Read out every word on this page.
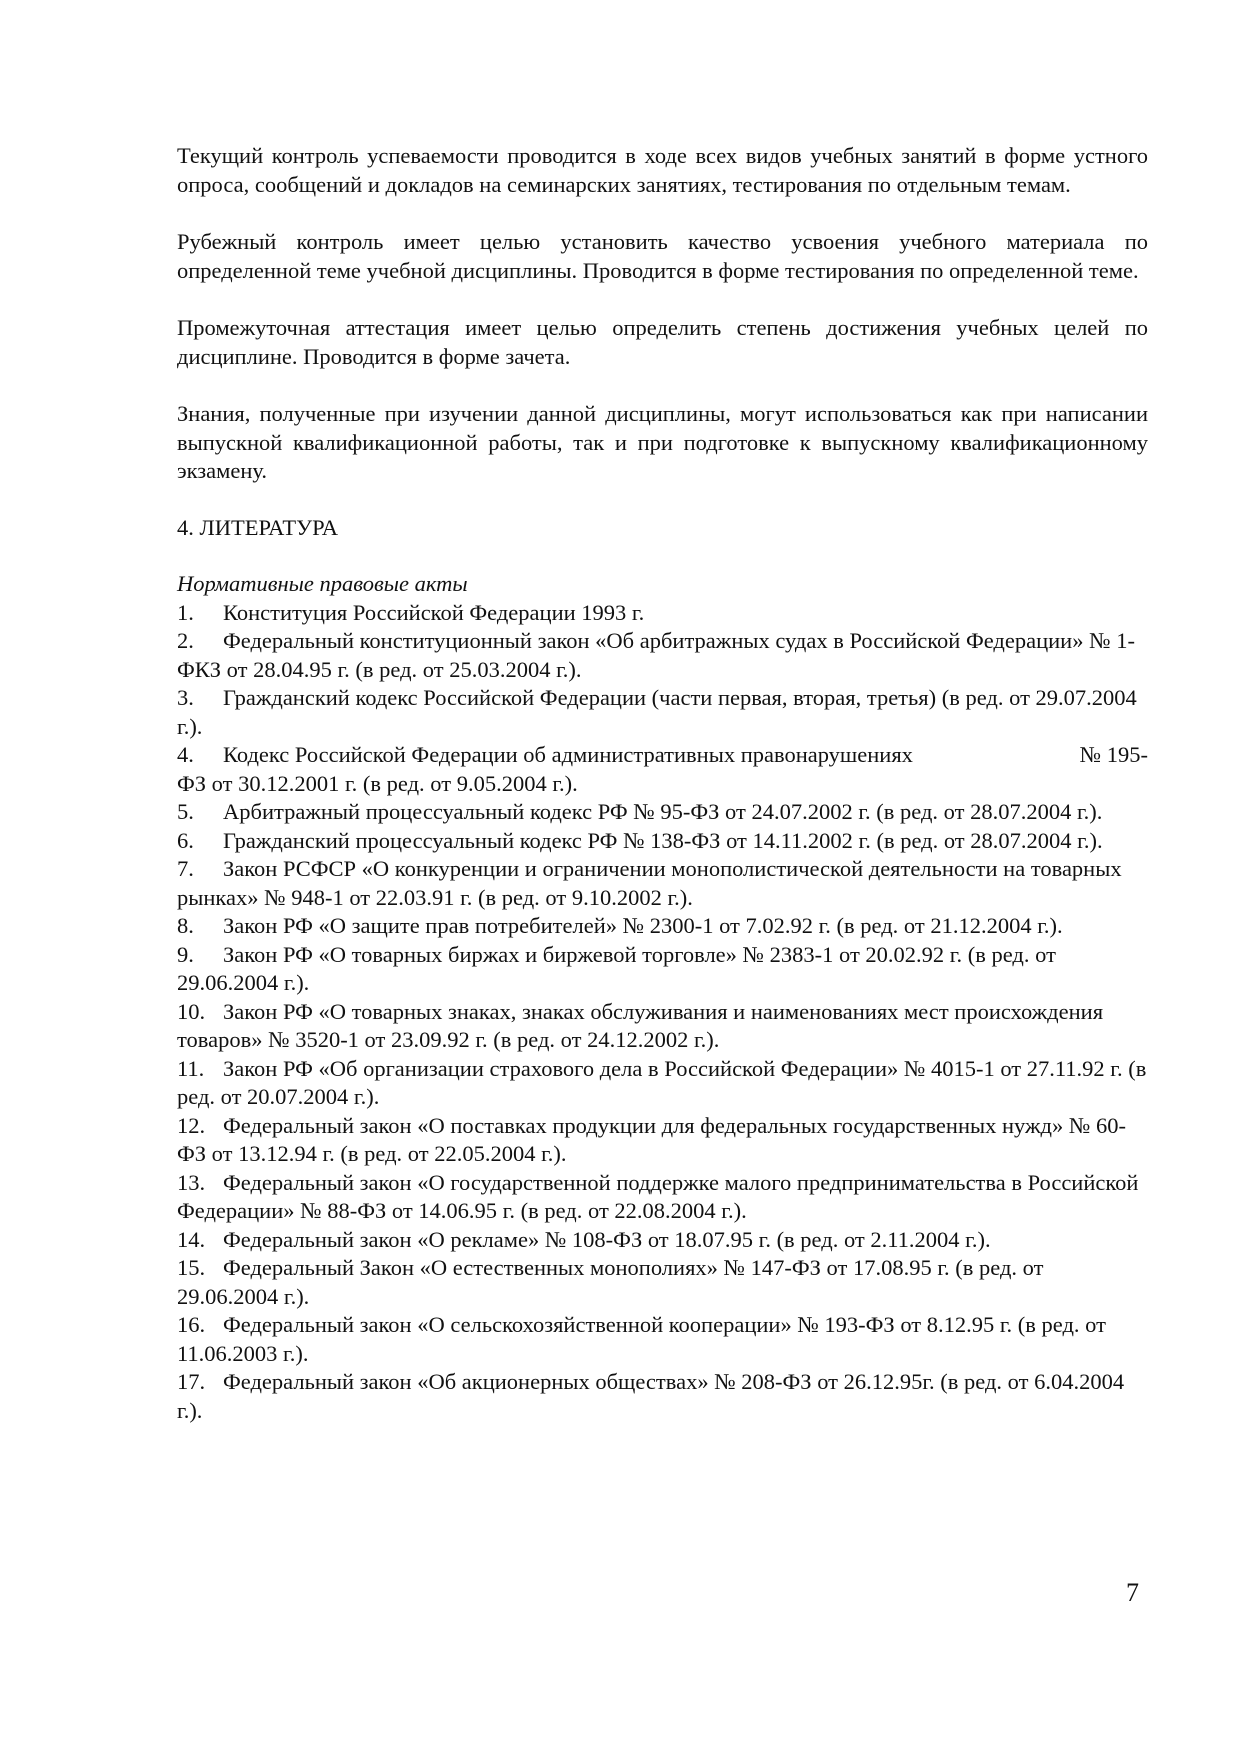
Текущий контроль успеваемости проводится в ходе всех видов учебных занятий в форме устного опроса, сообщений и докладов на семинарских занятиях, тестирования по отдельным темам.

Рубежный контроль имеет целью установить качество усвоения учебного материала по определенной теме учебной дисциплины. Проводится в форме тестирования по определенной теме.

Промежуточная аттестация имеет целью определить степень достижения учебных целей по дисциплине. Проводится в форме зачета.

Знания, полученные при изучении данной дисциплины, могут использоваться как при написании выпускной квалификационной работы, так и при подготовке к выпускному квалификационному экзамену.

4. ЛИТЕРАТУРА
Нормативные правовые акты
1. Конституция Российской Федерации 1993 г.
2. Федеральный конституционный закон «Об арбитражных судах в Российской Федерации» № 1-ФКЗ от 28.04.95 г. (в ред. от 25.03.2004 г.).
3. Гражданский кодекс Российской Федерации (части первая, вторая, третья) (в ред. от 29.07.2004 г.).
4. Кодекс Российской Федерации об административных правонарушениях	№ 195-

ФЗ от 30.12.2001 г. (в ред. от 9.05.2004 г.).
5. Арбитражный процессуальный кодекс РФ № 95-ФЗ от 24.07.2002 г. (в ред. от 28.07.2004 г.).
6. Гражданский процессуальный кодекс РФ № 138-ФЗ от 14.11.2002 г. (в ред. от 28.07.2004 г.).
7. Закон РСФСР «О конкуренции и ограничении монополистической деятельности на товарных рынках» № 948-1 от 22.03.91 г. (в ред. от 9.10.2002 г.).
8. Закон РФ «О защите прав потребителей» № 2300-1 от 7.02.92 г. (в ред. от 21.12.2004 г.).
9. Закон РФ «О товарных биржах и биржевой торговле» № 2383-1 от 20.02.92 г. (в ред. от 29.06.2004 г.).
10. Закон РФ «О товарных знаках, знаках обслуживания и наименованиях мест происхождения товаров» № 3520-1 от 23.09.92 г. (в ред. от 24.12.2002 г.).
11. Закон РФ «Об организации страхового дела в Российской Федерации» № 4015-1 от 27.11.92 г. (в ред. от 20.07.2004 г.).
12. Федеральный закон «О поставках продукции для федеральных государственных нужд» № 60-ФЗ от 13.12.94 г. (в ред. от 22.05.2004 г.).
13. Федеральный закон «О государственной поддержке малого предпринимательства в Российской Федерации» № 88-ФЗ от 14.06.95 г. (в ред. от 22.08.2004 г.).
14. Федеральный закон «О рекламе» № 108-ФЗ от 18.07.95 г. (в ред. от 2.11.2004 г.).
15. Федеральный Закон «О естественных монополиях» № 147-ФЗ от 17.08.95 г. (в ред. от 29.06.2004 г.).
16. Федеральный закон «О сельскохозяйственной кооперации» № 193-ФЗ от 8.12.95 г. (в ред. от 11.06.2003 г.).
17. Федеральный закон «Об акционерных обществах» № 208-ФЗ от 26.12.95г. (в ред. от 6.04.2004 г.).
7
